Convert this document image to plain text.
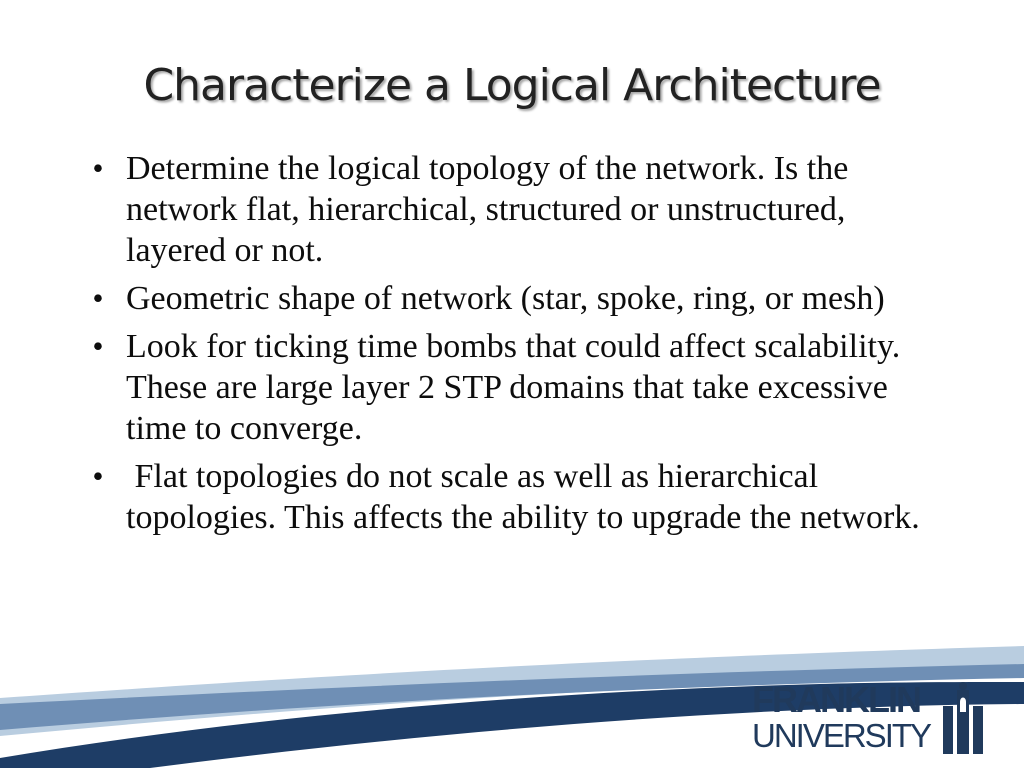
Characterize a Logical Architecture
• Determine the logical topology of the network. Is the network flat, hierarchical, structured or unstructured, layered or not.
• Geometric shape of network (star, spoke, ring, or mesh)
• Look for ticking time bombs that could affect scalability. These are large layer 2 STP domains that take excessive time to converge.
• Flat topologies do not scale as well as hierarchical topologies. This affects the ability to upgrade the network.
FRANKLIN
UNIVERSITY
